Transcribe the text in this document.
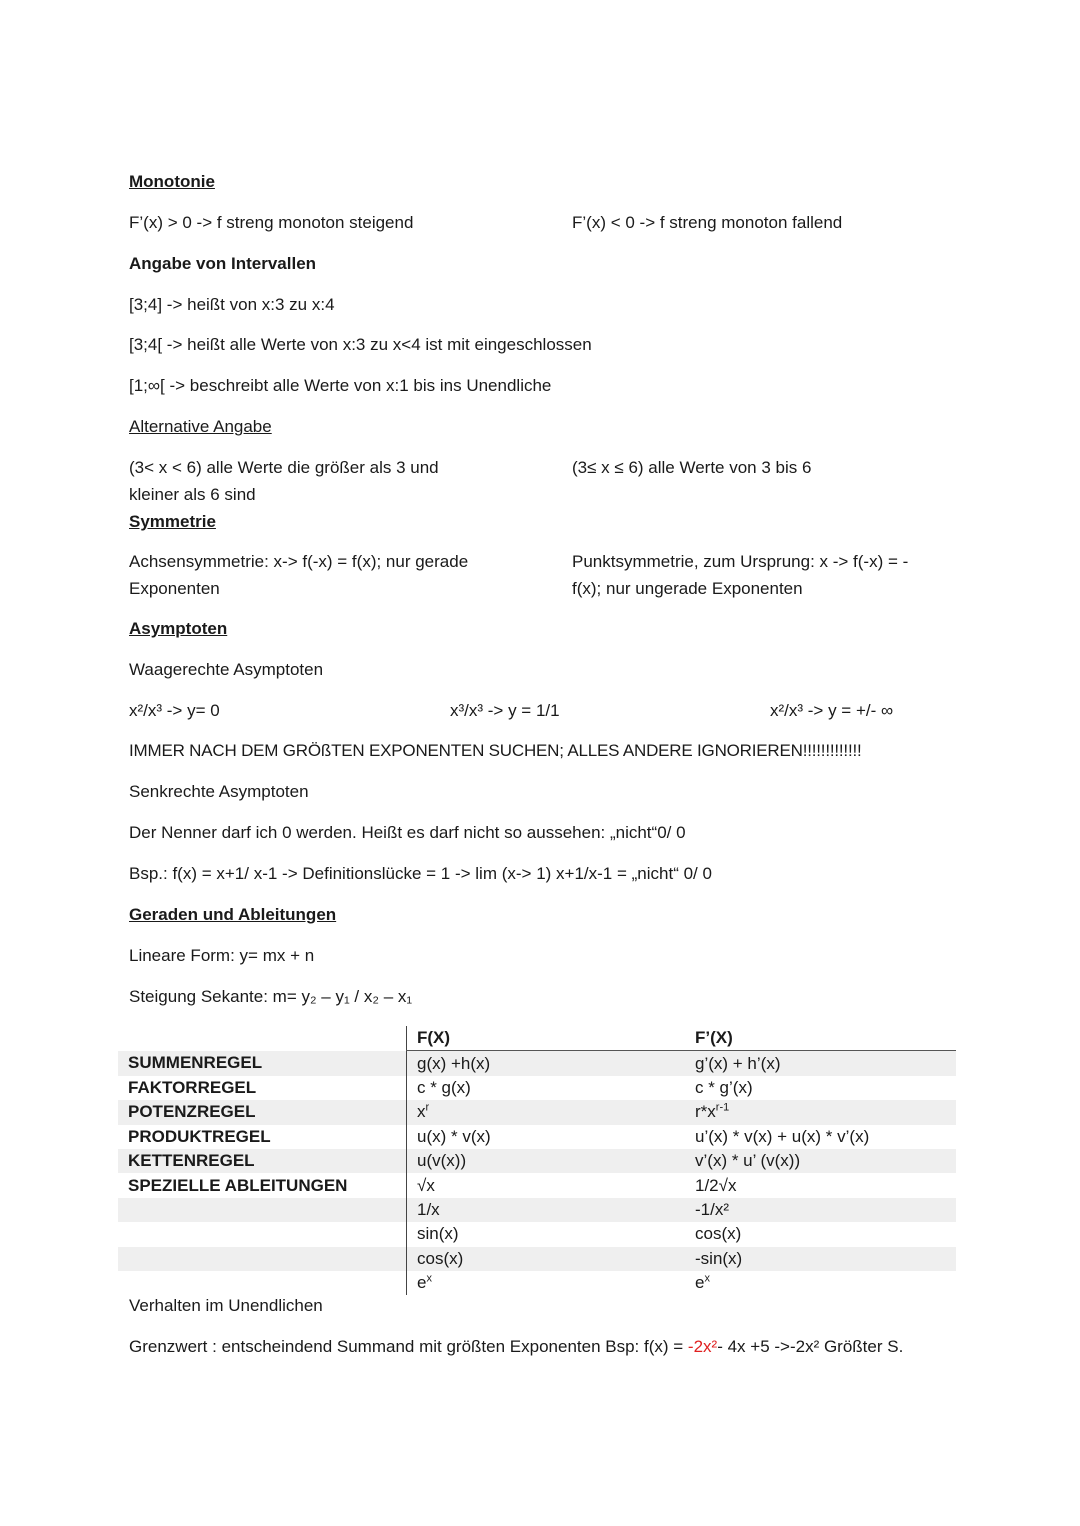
Monotonie
F’(x) > 0 -> f streng monoton steigend	F’(x) < 0 -> f streng monoton fallend
Angabe von Intervallen
[3;4] -> heißt von x:3 zu x:4
[3;4[ -> heißt alle Werte von x:3 zu x<4 ist mit eingeschlossen
[1;∞[ -> beschreibt alle Werte von x:1 bis ins Unendliche
Alternative Angabe
(3< x < 6) alle Werte die größer als 3 und kleiner als 6 sind
(3≤ x ≤ 6) alle Werte von 3 bis 6
Symmetrie
Achsensymmetrie: x-> f(-x) = f(x); nur gerade Exponenten
Punktsymmetrie, zum Ursprung: x -> f(-x) = - f(x); nur ungerade Exponenten
Asymptoten
Waagerechte Asymptoten
x²/x³ -> y= 0	x³/x³ -> y = 1/1	x²/x³ -> y = +/- ∞
IMMER NACH DEM GRÖßTEN EXPONENTEN SUCHEN; ALLES ANDERE IGNORIEREN!!!!!!!!!!!!!
Senkrechte Asymptoten
Der Nenner darf ich 0 werden. Heißt es darf nicht so aussehen: „nicht“0/ 0
Bsp.: f(x) = x+1/ x-1 -> Definitionslücke = 1 -> lim (x-> 1) x+1/x-1 = „nicht“ 0/ 0
Geraden und Ableitungen
Lineare Form: y= mx + n
Steigung Sekante: m= y₂ – y₁ / x₂ – x₁
	F(X)	F’(X)
SUMMENREGEL	g(x) +h(x)	g’(x) + h’(x)
FAKTORREGEL	c * g(x)	c * g’(x)
POTENZREGEL	$x^r$	$r*x^{r-1}$
PRODUKTREGEL	u(x) * v(x)	u’(x) * v(x) + u(x) * v’(x)
KETTENREGEL	u(v(x))	v’(x) * u’ (v(x))
SPEZIELLE ABLEITUNGEN	√x	1/2√x
	1/x	-1/x²
	sin(x)	cos(x)
	cos(x)	-sin(x)
	$e^x$	$e^x$
Verhalten im Unendlichen
Grenzwert : entscheindend Summand mit größten Exponenten Bsp: f(x) = -2x²- 4x +5 ->-2x² Größter S.
